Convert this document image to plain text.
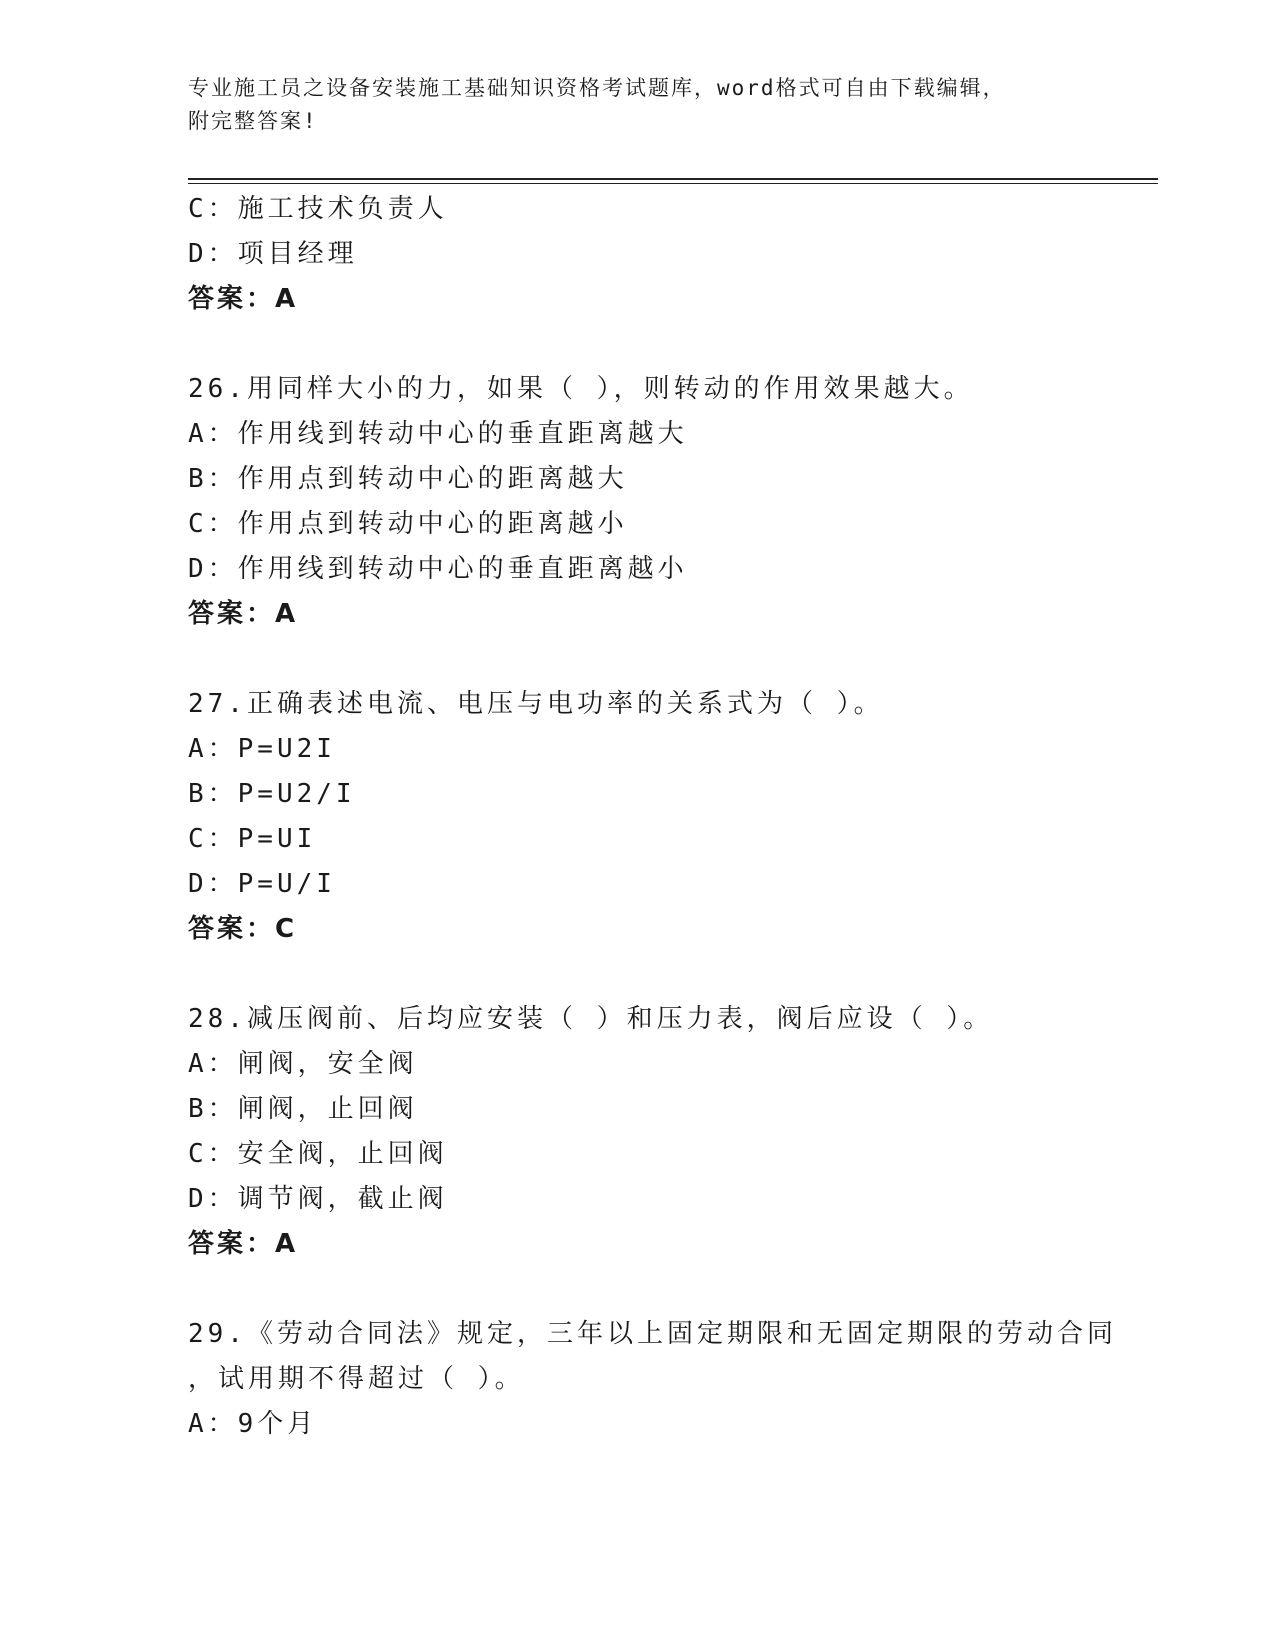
专业施工员之设备安装施工基础知识资格考试题库，word格式可自由下载编辑，

附完整答案!

C：施工技术负责人
D：项目经理
答案：A
26.用同样大小的力，如果（ ），则转动的作用效果越大。
A：作用线到转动中心的垂直距离越大
B：作用点到转动中心的距离越大
C：作用点到转动中心的距离越小
D：作用线到转动中心的垂直距离越小
答案：A
27.正确表述电流、电压与电功率的关系式为（ ）。
A：P=U2I
B：P=U2/I
C：P=UI
D：P=U/I
答案：C
28.减压阀前、后均应安装（ ）和压力表，阀后应设（ ）。
A：闸阀，安全阀
B：闸阀，止回阀
C：安全阀，止回阀
D：调节阀，截止阀
答案：A
29.《劳动合同法》规定，三年以上固定期限和无固定期限的劳动合同
，试用期不得超过（ ）。
A：9个月
